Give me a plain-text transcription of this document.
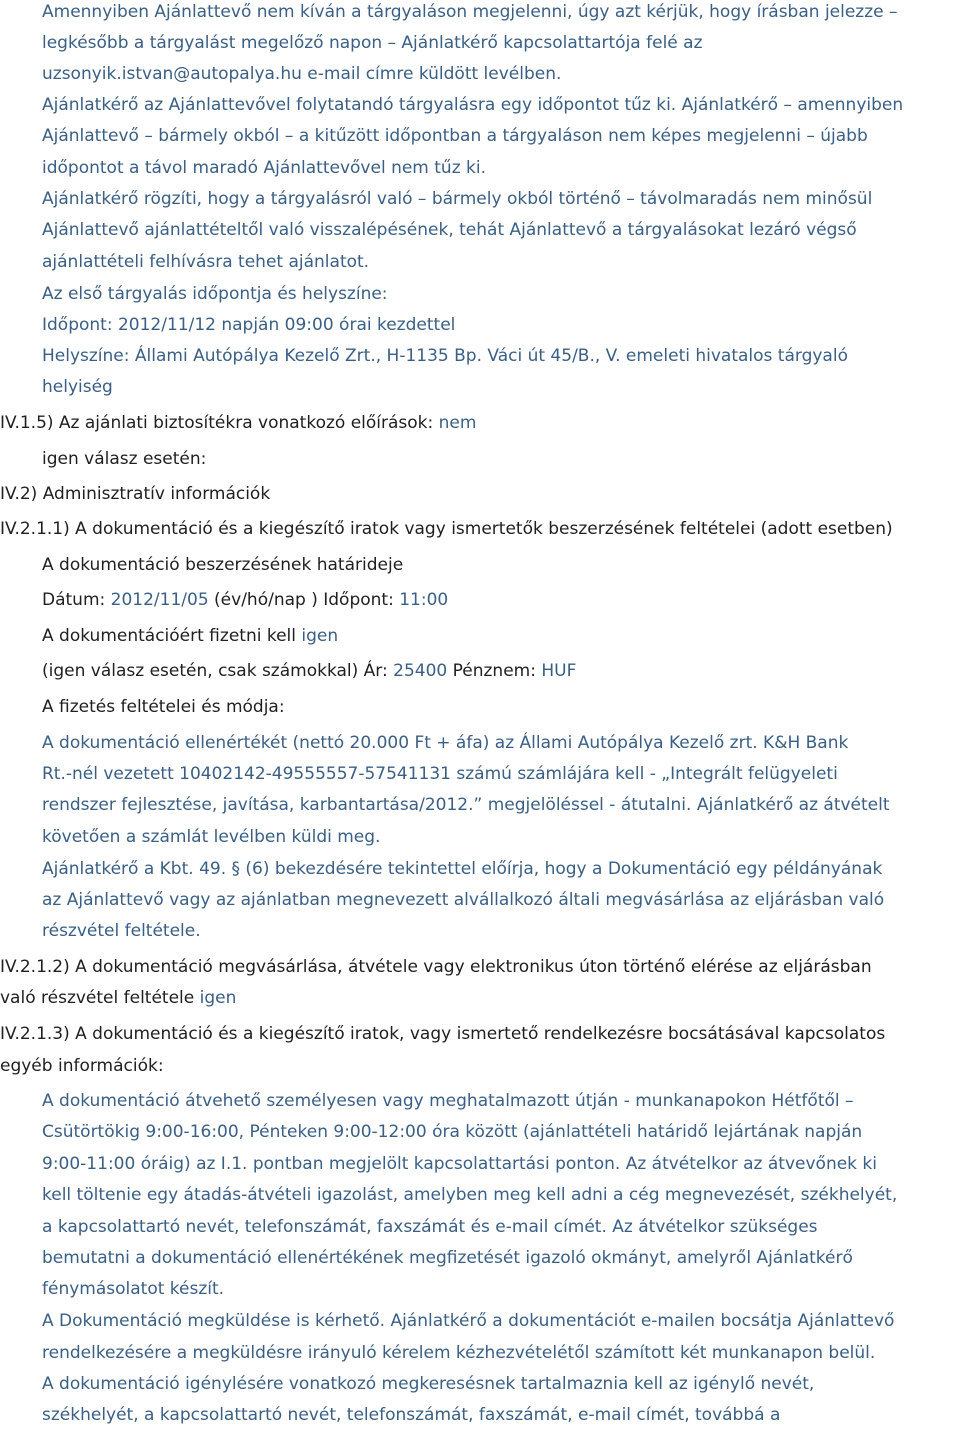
Amennyiben Ajánlattevő nem kíván a tárgyaláson megjelenni, úgy azt kérjük, hogy írásban jelezze –
legkésőbb a tárgyalást megelőző napon – Ajánlatkérő kapcsolattartója felé az
uzsonyik.istvan@autopalya.hu e-mail címre küldött levélben.
Ajánlatkérő az Ajánlattevővel folytatandó tárgyalásra egy időpontot tűz ki. Ajánlatkérő – amennyiben
Ajánlattevő – bármely okból – a kitűzött időpontban a tárgyaláson nem képes megjelenni – újabb
időpontot a távol maradó Ajánlattevővel nem tűz ki.
Ajánlatkérő rögzíti, hogy a tárgyalásról való – bármely okból történő – távolmaradás nem minősül
Ajánlattevő ajánlattételtől való visszalépésének, tehát Ajánlattevő a tárgyalásokat lezáró végső
ajánlattételi felhívásra tehet ajánlatot.
Az első tárgyalás időpontja és helyszíne:
Időpont: 2012/11/12 napján 09:00 órai kezdettel
Helyszíne: Állami Autópálya Kezelő Zrt., H-1135 Bp. Váci út 45/B., V. emeleti hivatalos tárgyaló
helyiség
IV.1.5) Az ajánlati biztosítékra vonatkozó előírások: nem
igen válasz esetén:
IV.2) Adminisztratív információk
IV.2.1.1) A dokumentáció és a kiegészítő iratok vagy ismertetők beszerzésének feltételei (adott esetben)
A dokumentáció beszerzésének határideje
Dátum: 2012/11/05 (év/hó/nap ) Időpont: 11:00
A dokumentációért fizetni kell igen
(igen válasz esetén, csak számokkal) Ár: 25400 Pénznem: HUF
A fizetés feltételei és módja:
A dokumentáció ellenértékét (nettó 20.000 Ft + áfa) az Állami Autópálya Kezelő zrt. K&H Bank
Rt.-nél vezetett 10402142-49555557-57541131 számú számlájára kell - „Integrált felügyeleti
rendszer fejlesztése, javítása, karbantartása/2012.” megjelöléssel - átutalni. Ajánlatkérő az átvételt
követően a számlát levélben küldi meg.
Ajánlatkérő a Kbt. 49. § (6) bekezdésére tekintettel előírja, hogy a Dokumentáció egy példányának
az Ajánlattevő vagy az ajánlatban megnevezett alvállalkozó általi megvásárlása az eljárásban való
részvétel feltétele.
IV.2.1.2) A dokumentáció megvásárlása, átvétele vagy elektronikus úton történő elérése az eljárásban
való részvétel feltétele igen
IV.2.1.3) A dokumentáció és a kiegészítő iratok, vagy ismertető rendelkezésre bocsátásával kapcsolatos
egyéb információk:
A dokumentáció átvehető személyesen vagy meghatalmazott útján - munkanapokon Hétfőtől –
Csütörtökig 9:00-16:00, Pénteken 9:00-12:00 óra között (ajánlattételi határidő lejártának napján
9:00-11:00 óráig) az I.1. pontban megjelölt kapcsolattartási ponton. Az átvételkor az átvevőnek ki
kell töltenie egy átadás-átvételi igazolást, amelyben meg kell adni a cég megnevezését, székhelyét,
a kapcsolattartó nevét, telefonszámát, faxszámát és e-mail címét. Az átvételkor szükséges
bemutatni a dokumentáció ellenértékének megfizetését igazoló okmányt, amelyről Ajánlatkérő
fénymásolatot készít.
A Dokumentáció megküldése is kérhető. Ajánlatkérő a dokumentációt e-mailen bocsátja Ajánlattevő
rendelkezésére a megküldésre irányuló kérelem kézhezvételétől számított két munkanapon belül.
A dokumentáció igénylésére vonatkozó megkeresésnek tartalmaznia kell az igénylő nevét,
székhelyét, a kapcsolattartó nevét, telefonszámát, faxszámát, e-mail címét, továbbá a
